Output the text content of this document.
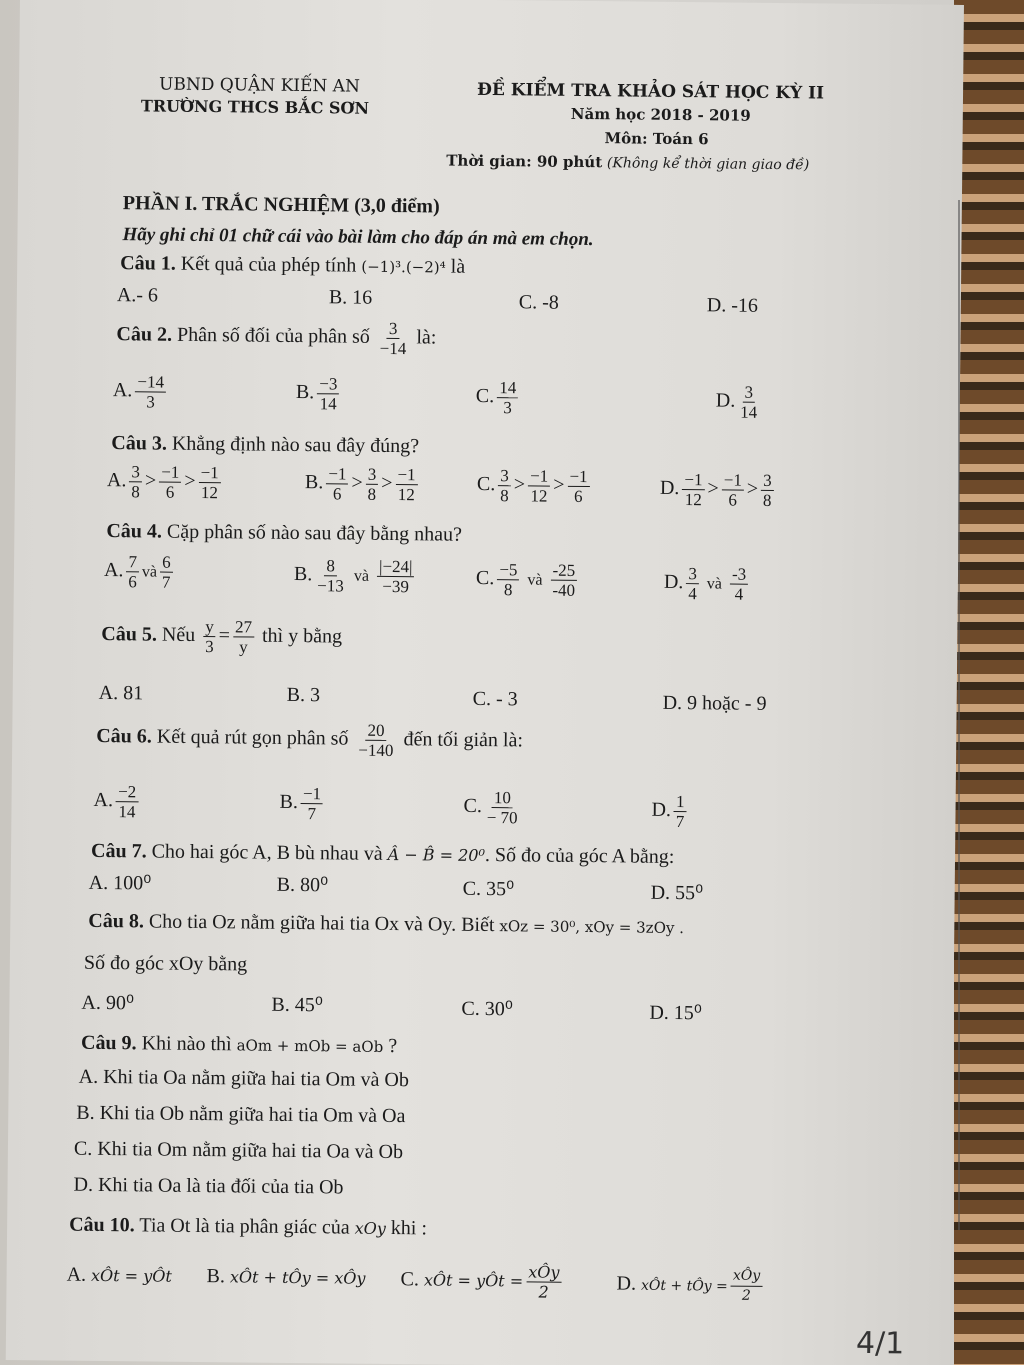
UBND QUẬN KIẾN AN
TRƯỜNG THCS BẮC SƠN
ĐỀ KIỂM TRA KHẢO SÁT HỌC KỲ II
Năm học 2018 - 2019
Môn: Toán 6
Thời gian: 90 phút (Không kể thời gian giao đề)
PHẦN I. TRẮC NGHIỆM (3,0 điểm)
Hãy ghi chỉ 01 chữ cái vào bài làm cho đáp án mà em chọn.
Câu 1. Kết quả của phép tính (−1)³.(−2)⁴ là
A.- 6	B. 16	C. -8	D. -16
Câu 2. Phân số đối của phân số $\frac{3}{-14}$ là:
A. $\frac{-14}{3}$	B. $\frac{-3}{14}$	C. $\frac{14}{3}$	D. $\frac{3}{14}$
Câu 3. Khẳng định nào sau đây đúng?
A. $\frac{3}{8} > \frac{-1}{6} > \frac{-1}{12}$	B. $\frac{-1}{6} > \frac{3}{8} > \frac{-1}{12}$	C. $\frac{3}{8} > \frac{-1}{12} > \frac{-1}{6}$	D. $\frac{-1}{12} > \frac{-1}{6} > \frac{3}{8}$
Câu 4. Cặp phân số nào sau đây bằng nhau?
A. $\frac{7}{6}$ và $\frac{6}{7}$	B. $\frac{8}{-13}$ và $\frac{|-24|}{-39}$	C. $\frac{-5}{8}$ và $\frac{-25}{-40}$	D. $\frac{3}{4}$ và $\frac{-3}{4}$
Câu 5. Nếu $\frac{y}{3} = \frac{27}{y}$ thì y bằng
A. 81	B. 3	C. - 3	D. 9 hoặc - 9
Câu 6. Kết quả rút gọn phân số $\frac{20}{-140}$ đến tối giản là:
A. $\frac{-2}{14}$	B. $\frac{-1}{7}$	C. $\frac{10}{- 70}$	D. $\frac{1}{7}$
Câu 7. Cho hai góc A, B bù nhau và Â − B̂ = 20⁰. Số đo của góc A bằng:
A. 100⁰	B. 80⁰	C. 35⁰	D. 55⁰
Câu 8. Cho tia Oz nằm giữa hai tia Ox và Oy. Biết xOz = 30⁰, xOy = 3zOy .
Số đo góc xOy bằng
A. 90⁰	B. 45⁰	C. 30⁰	D. 15⁰
Câu 9. Khi nào thì aOm + mOb = aOb ?
A. Khi tia Oa nằm giữa hai tia Om và Ob
B. Khi tia Ob nằm giữa hai tia Om và Oa
C. Khi tia Om nằm giữa hai tia Oa và Ob
D. Khi tia Oa là tia đối của tia Ob
Câu 10. Tia Ot là tia phân giác của xOy khi :
A. xÔt = yÔt B. xÔt + tÔy = xÔy C. xÔt = yÔt = $\frac{\text{xÔy}}{2}$	D. xÔt + tÔy = $\frac{\text{xÔy}}{2}$
4/1
